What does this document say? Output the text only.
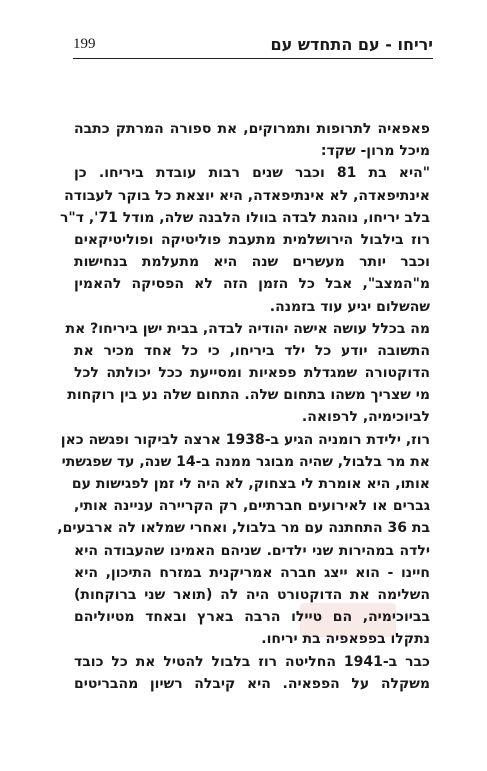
199	יריחו - עם התחדש עם
פאפאיה לתרופות ותמרוקים, את ספורה המרתק כתבה
מיכל מרון- שקד:
"היא בת 81 וכבר שנים רבות עובדת ביריחו. כן
אינתיפאדה, לא אינתיפאדה, היא יוצאת כל בוקר לעבודה
בלב יריחו, נוהגת לבדה בוולו הלבנה שלה, מודל 71', ד"ר
רוז בילבול הירושלמית מתעבת פוליטיקה ופוליטיקאים
וכבר יותר מעשרים שנה היא מתעלמת בנחישות
מ"המצב", אבל כל הזמן הזה לא הפסיקה להאמין
שהשלום יגיע עוד בזמנה.
מה בכלל עושה אישה יהודיה לבדה, בבית ישן ביריחו? את
התשובה יודע כל ילד ביריחו, כי כל אחד מכיר את
הדוקטורה שמגדלת פפאיות ומסייעת ככל יכולתה לכל
מי שצריך משהו בתחום שלה. התחום שלה נע בין רוקחות
לביוכימיה, לרפואה.
רוז, ילידת רומניה הגיע ב-1938 ארצה לביקור ופגשה כאן
את מר בלבול, שהיה מבוגר ממנה ב-14 שנה, עד שפגשתי
אותו, היא אומרת לי בצחוק, לא היה לי זמן לפגישות עם
גברים או לאירועים חברתיים, רק הקריירה עניינה אותי,
בת 36 התחתנה עם מר בלבול, ואחרי שמלאו לה ארבעים,
ילדה במהירות שני ילדים. שניהם האמינו שהעבודה היא
חיינו - הוא ייצג חברה אמריקנית במזרח התיכון, היא
השלימה את הדוקטורט היה לה (תואר שני ברוקחות)
בביוכימיה, הם טיילו הרבה בארץ ובאחד מטיוליהם
נתקלו בפפאפיה בת יריחו.
כבר ב-1941 החליטה רוז בלבול להטיל את כל כובד
משקלה על הפפאיה. היא קיבלה רשיון מהבריטים
